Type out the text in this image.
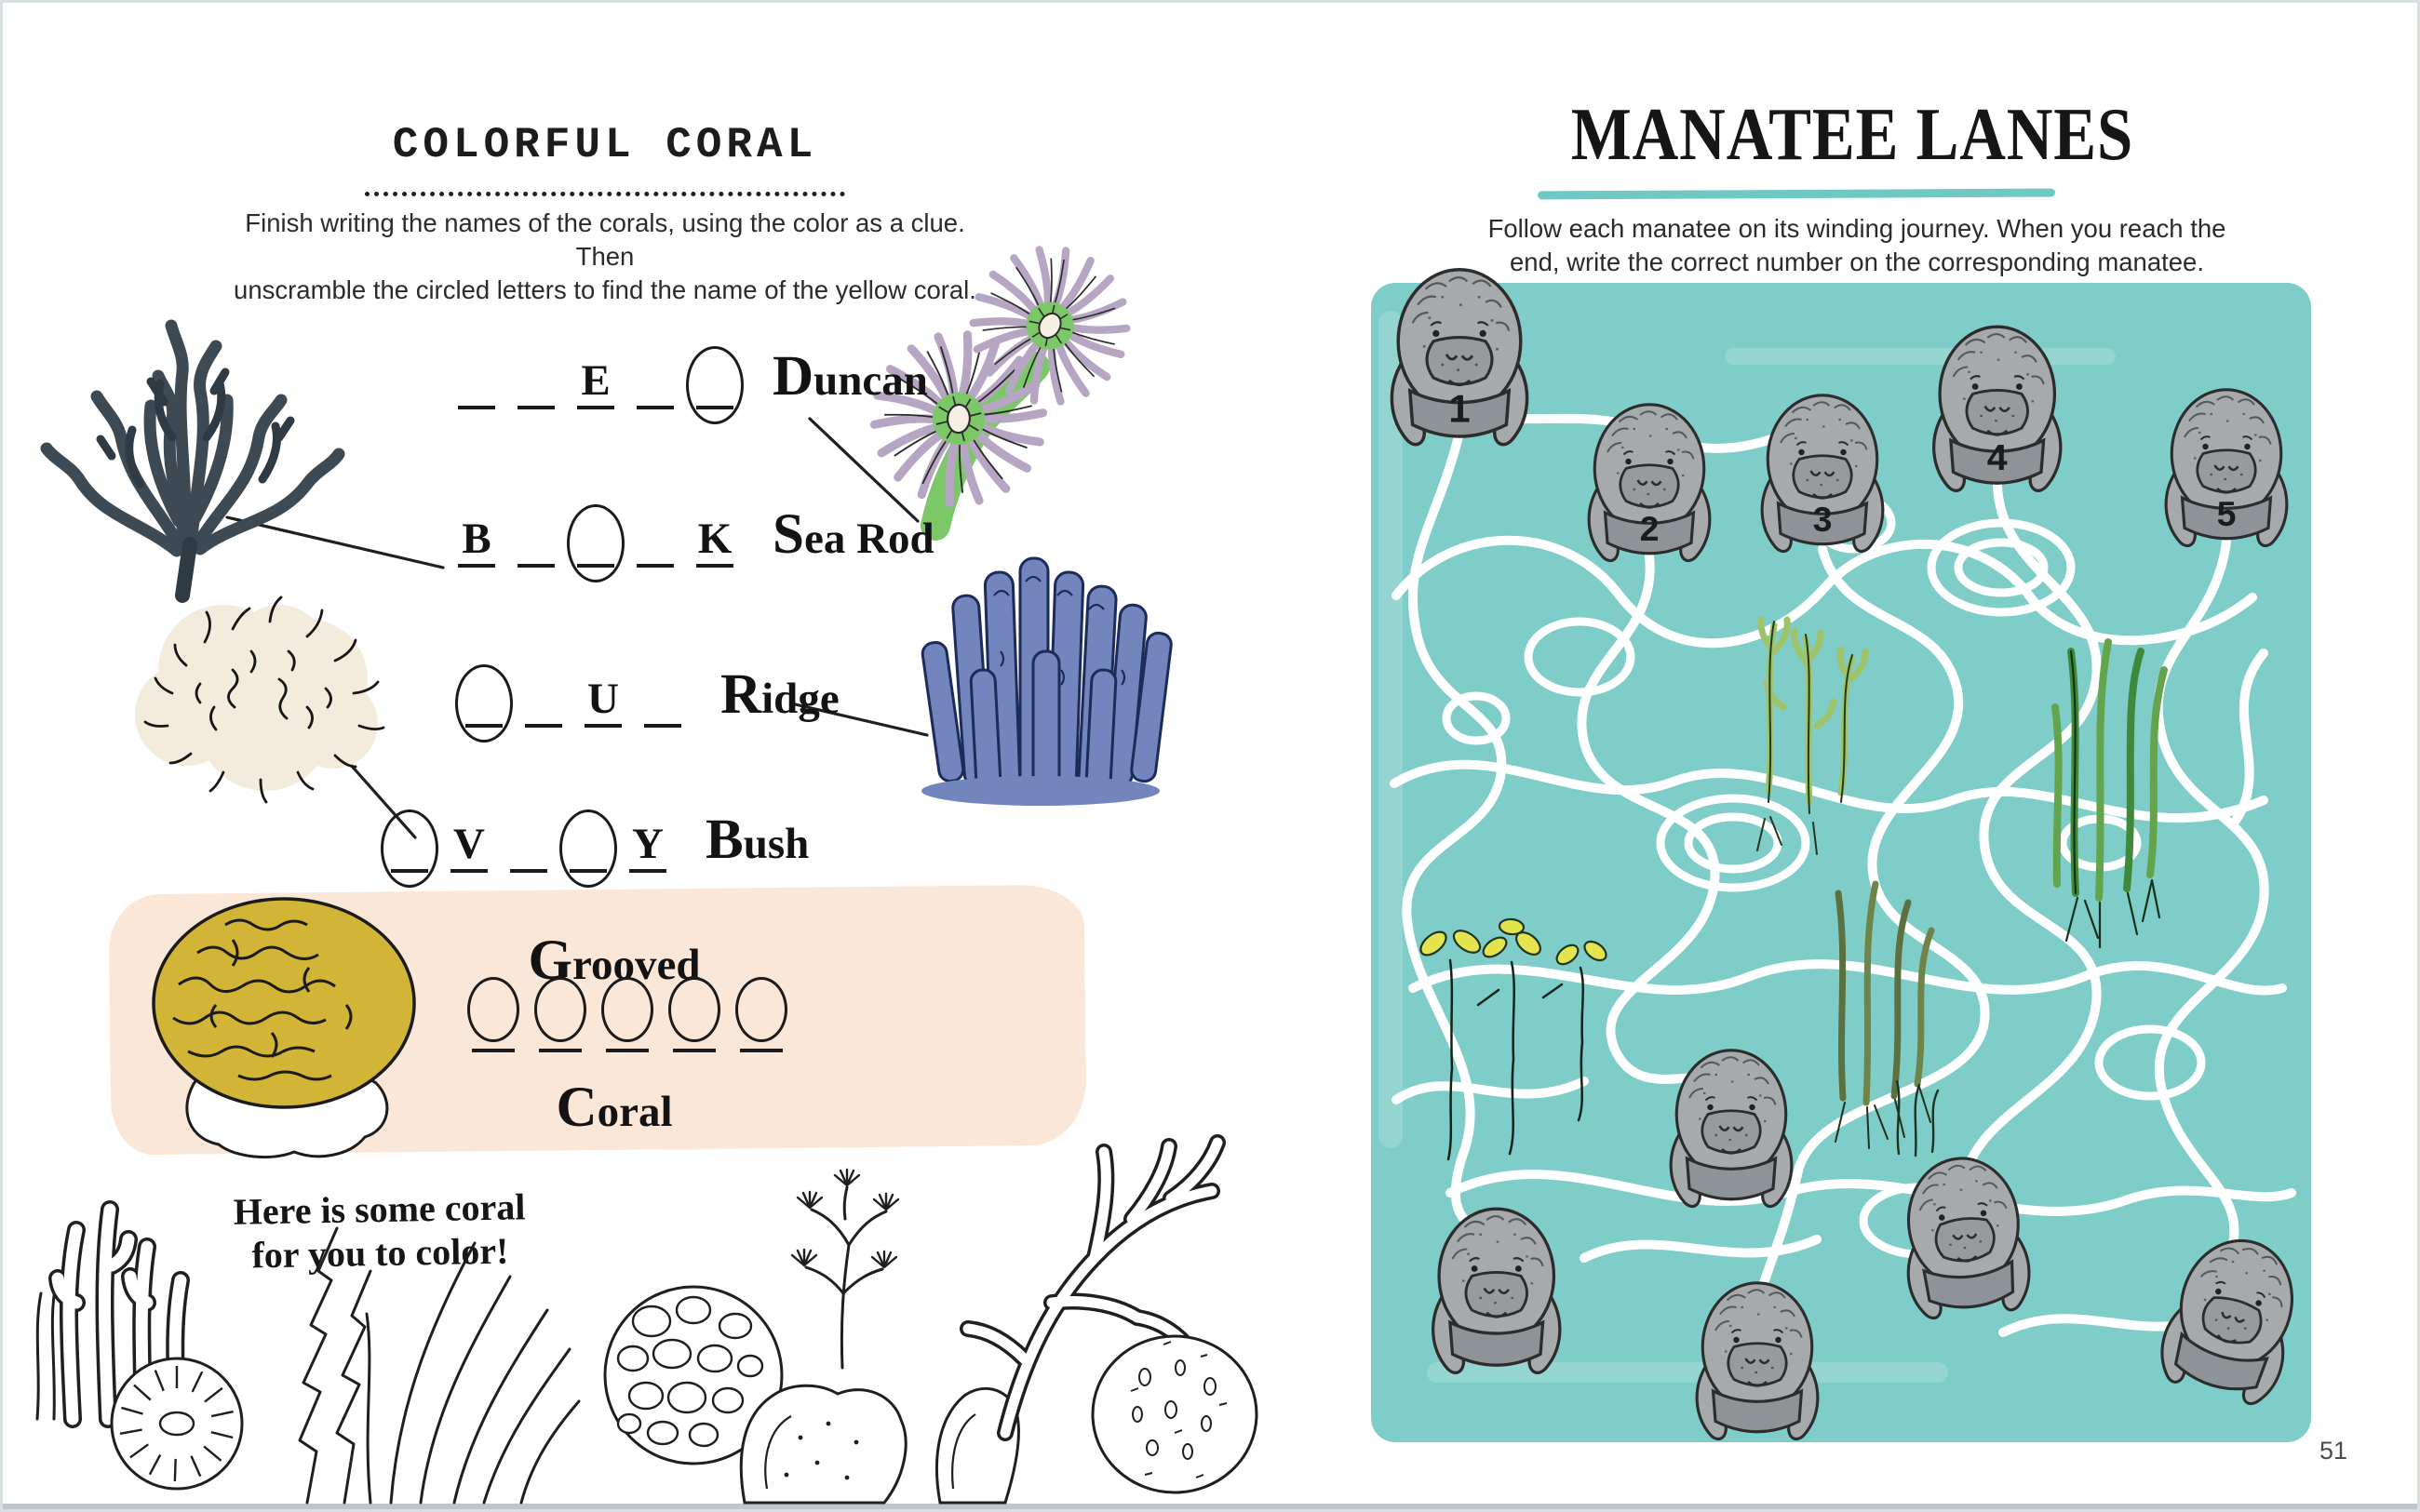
COLORFUL CORAL
Finish writing the names of the corals, using the color as a clue. Then
unscramble the circled letters to find the name of the yellow coral.
E	Duncan
B	K Sea Rod
U Ridge
V	Y Bush
Grooved
Coral
Here is some coral
for you to color!
1
2	3
4
5
MANATEE LANES
Follow each manatee on its winding journey. When you reach the
end, write the correct number on the corresponding manatee.
51
